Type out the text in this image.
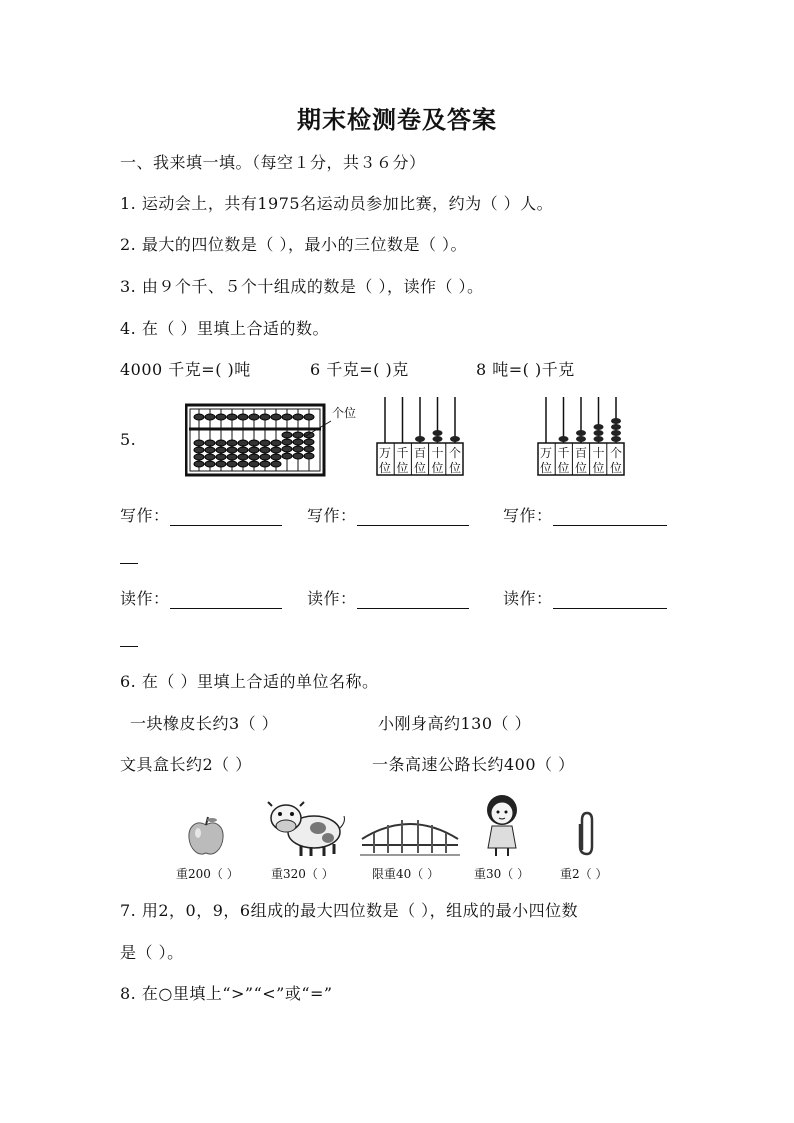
期末检测卷及答案
一、我来填一填。（每空１分，共３６分）
1. 运动会上，共有1975名运动员参加比赛，约为（ ）人。
2. 最大的四位数是（ ），最小的三位数是（ ）。
3. 由９个千、５个十组成的数是（ ），读作（ ）。
4. 在（ ）里填上合适的数。
4000 千克=( )吨	6 千克=( )克	8 吨=( )千克
5.
个位
万
位
千
位
百
位
十
位
个
位
万
位
千
位
百
位
十
位
个
位
写作：	写作：	写作：
读作：	读作：	读作：
6. 在（ ）里填上合适的单位名称。
一块橡皮长约3（ ）	小刚身高约130（ ）
文具盒长约2（ ）	一条高速公路长约400（ ）
重200（ ）	重320（ ）	限重40（ ）	重30（ ）	重2（ ）
7. 用2，0，9，6组成的最大四位数是（ ），组成的最小四位数
是（ ）。
8. 在○里填上“>”“<”或“=”
